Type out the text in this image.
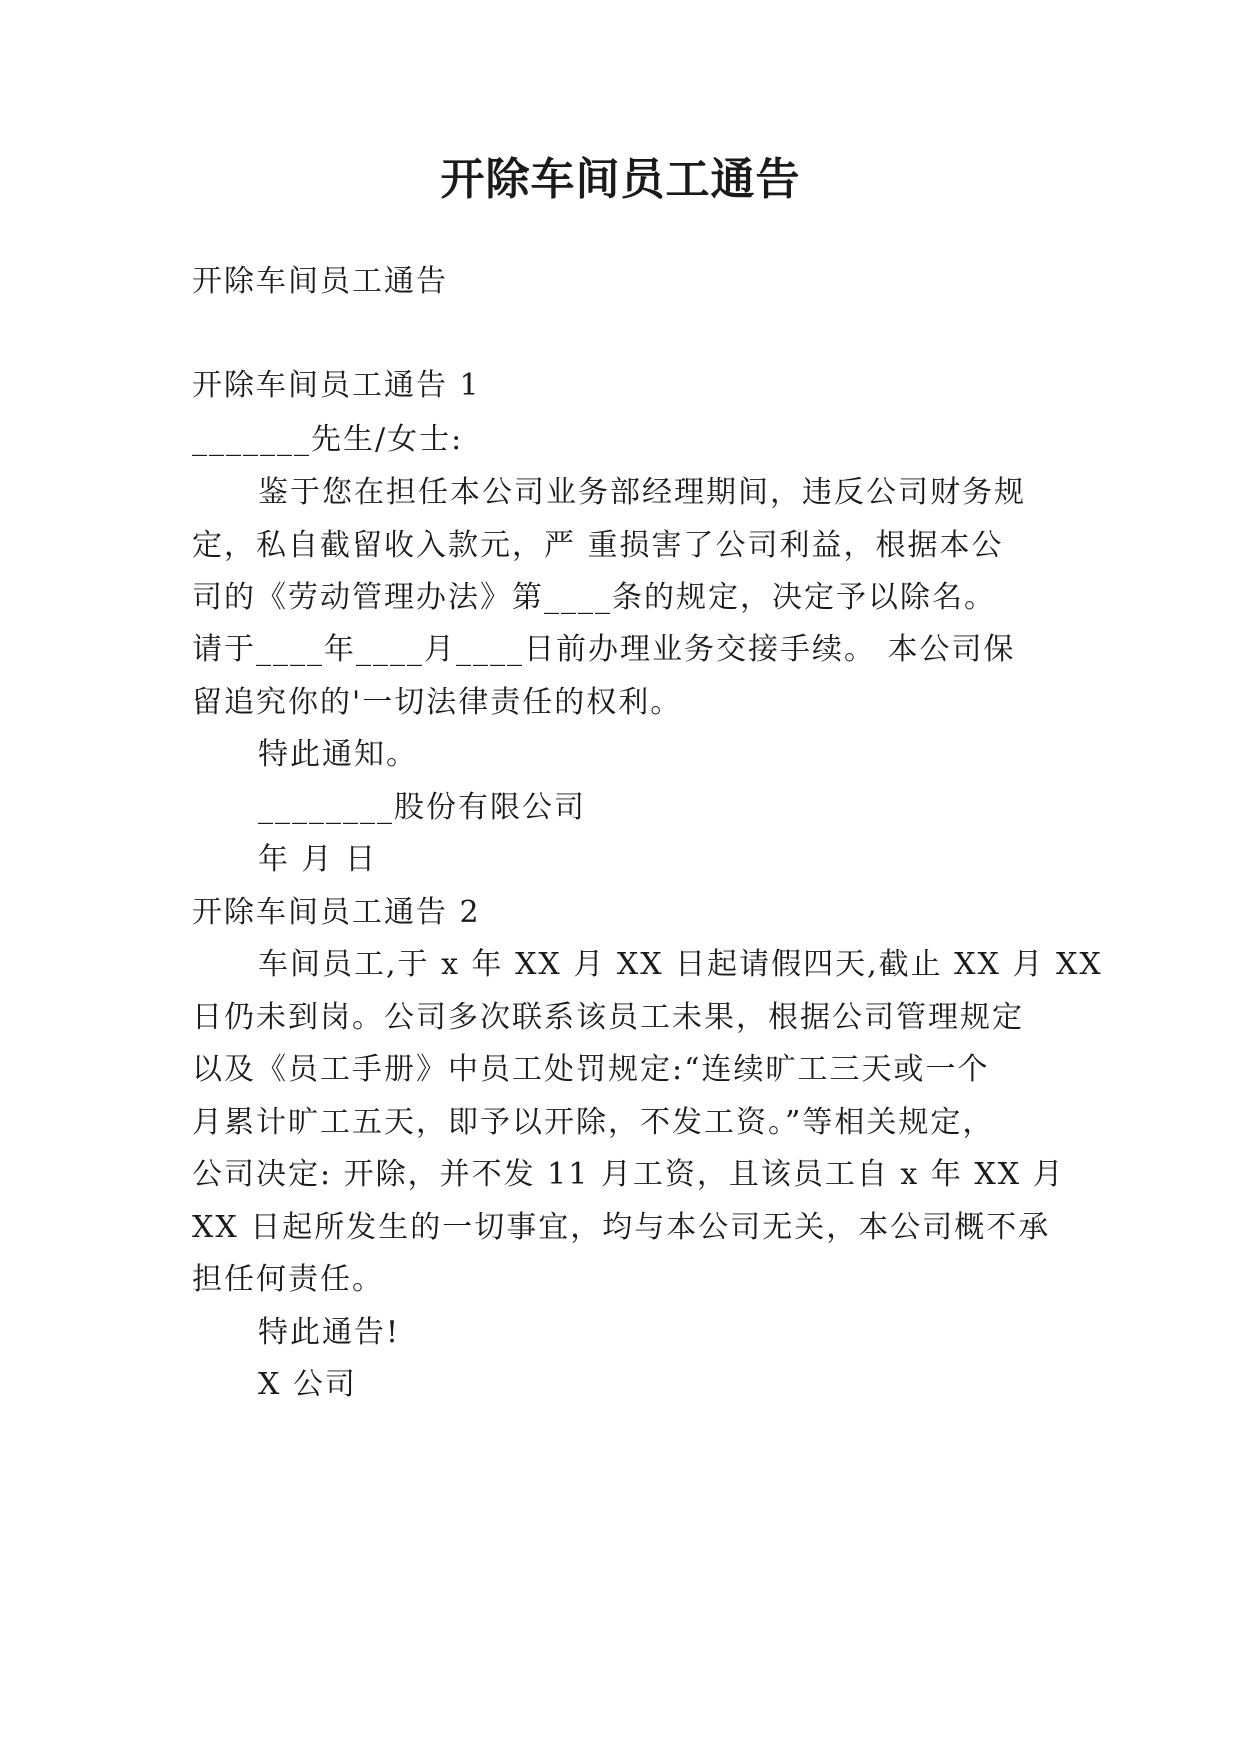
开除车间员工通告
开除车间员工通告
开除车间员工通告 1
_______先生/女士:
鉴于您在担任本公司业务部经理期间，违反公司财务规
定，私自截留收入款元，严 重损害了公司利益，根据本公
司的《劳动管理办法》第____条的规定，决定予以除名。
请于____年____月____日前办理业务交接手续。 本公司保
留追究你的'一切法律责任的权利。
特此通知。
________股份有限公司
年 月 日
开除车间员工通告 2
车间员工,于 x 年 XX 月 XX 日起请假四天,截止 XX 月 XX
日仍未到岗。公司多次联系该员工未果，根据公司管理规定
以及《员工手册》中员工处罚规定:“连续旷工三天或一个
月累计旷工五天，即予以开除，不发工资。”等相关规定，
公司决定: 开除，并不发 11 月工资，且该员工自 x 年 XX 月
XX 日起所发生的一切事宜，均与本公司无关，本公司概不承
担任何责任。
特此通告!
X 公司
